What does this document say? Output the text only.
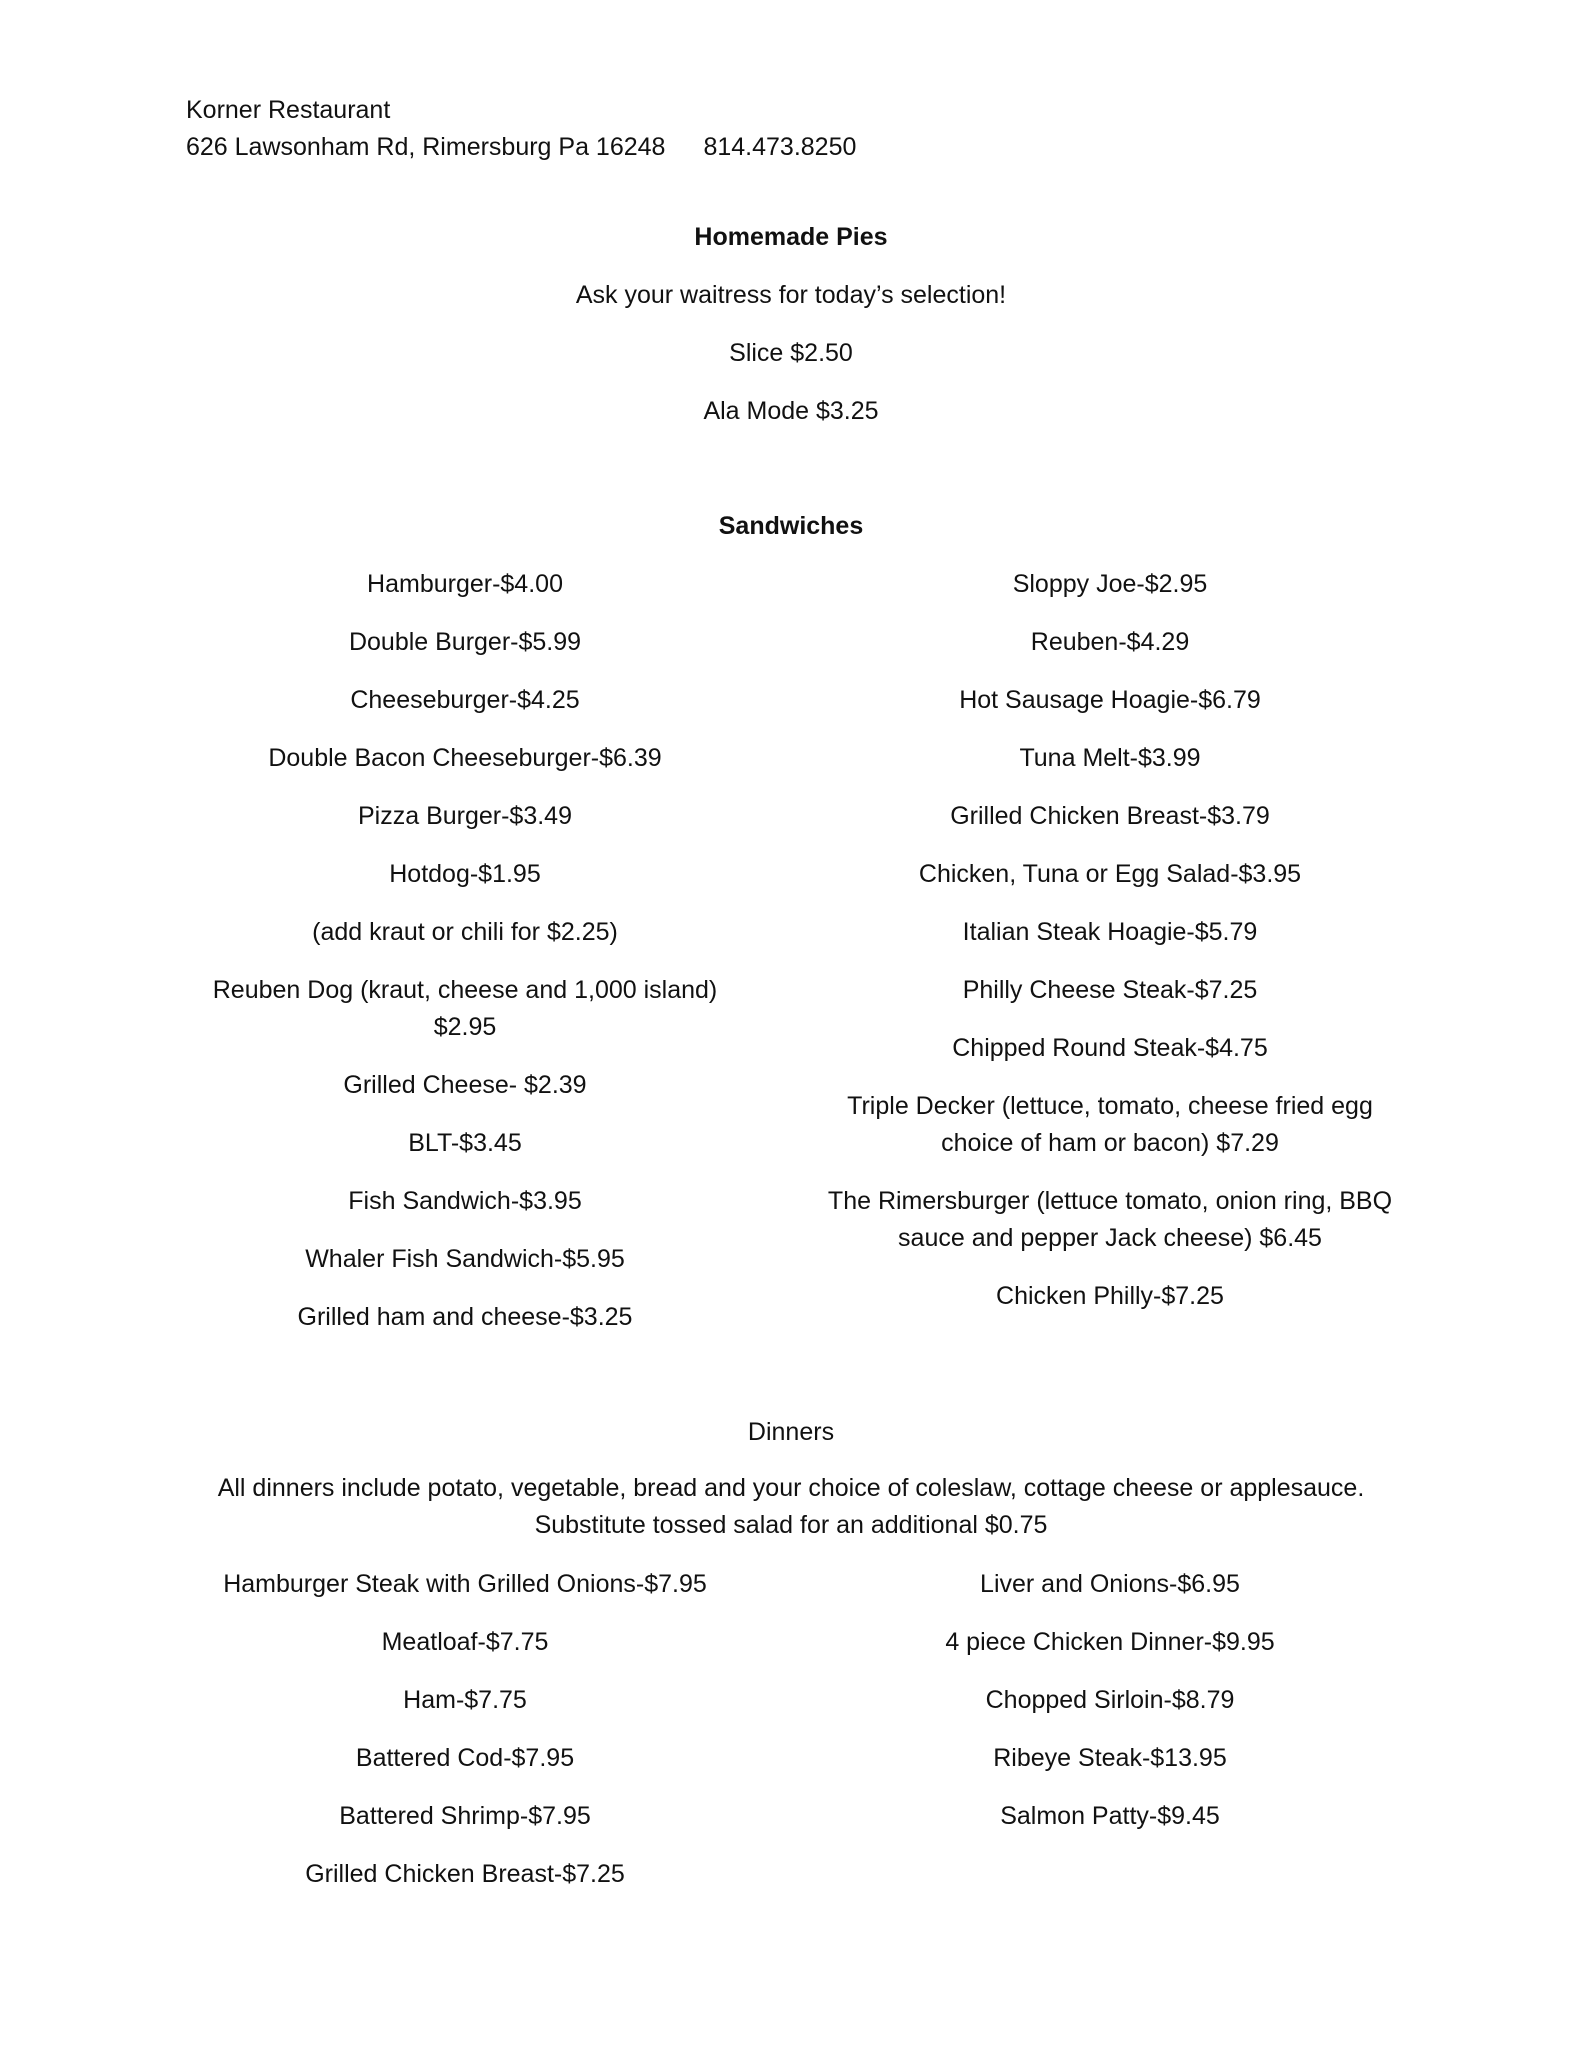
Korner Restaurant
626 Lawsonham Rd, Rimersburg Pa 16248 814.473.8250
Homemade Pies
Ask your waitress for today’s selection!
Slice $2.50
Ala Mode $3.25
Sandwiches
Hamburger-$4.00
Double Burger-$5.99
Cheeseburger-$4.25
Double Bacon Cheeseburger-$6.39
Pizza Burger-$3.49
Hotdog-$1.95
(add kraut or chili for $2.25)
Reuben Dog (kraut, cheese and 1,000 island) $2.95
Grilled Cheese- $2.39
BLT-$3.45
Fish Sandwich-$3.95
Whaler Fish Sandwich-$5.95
Grilled ham and cheese-$3.25
Sloppy Joe-$2.95
Reuben-$4.29
Hot Sausage Hoagie-$6.79
Tuna Melt-$3.99
Grilled Chicken Breast-$3.79
Chicken, Tuna or Egg Salad-$3.95
Italian Steak Hoagie-$5.79
Philly Cheese Steak-$7.25
Chipped Round Steak-$4.75
Triple Decker (lettuce, tomato, cheese fried egg choice of ham or bacon) $7.29
The Rimersburger (lettuce tomato, onion ring, BBQ sauce and pepper Jack cheese) $6.45
Chicken Philly-$7.25
Dinners
All dinners include potato, vegetable, bread and your choice of coleslaw, cottage cheese or applesauce.
Substitute tossed salad for an additional $0.75
Hamburger Steak with Grilled Onions-$7.95
Meatloaf-$7.75
Ham-$7.75
Battered Cod-$7.95
Battered Shrimp-$7.95
Grilled Chicken Breast-$7.25
Liver and Onions-$6.95
4 piece Chicken Dinner-$9.95
Chopped Sirloin-$8.79
Ribeye Steak-$13.95
Salmon Patty-$9.45
